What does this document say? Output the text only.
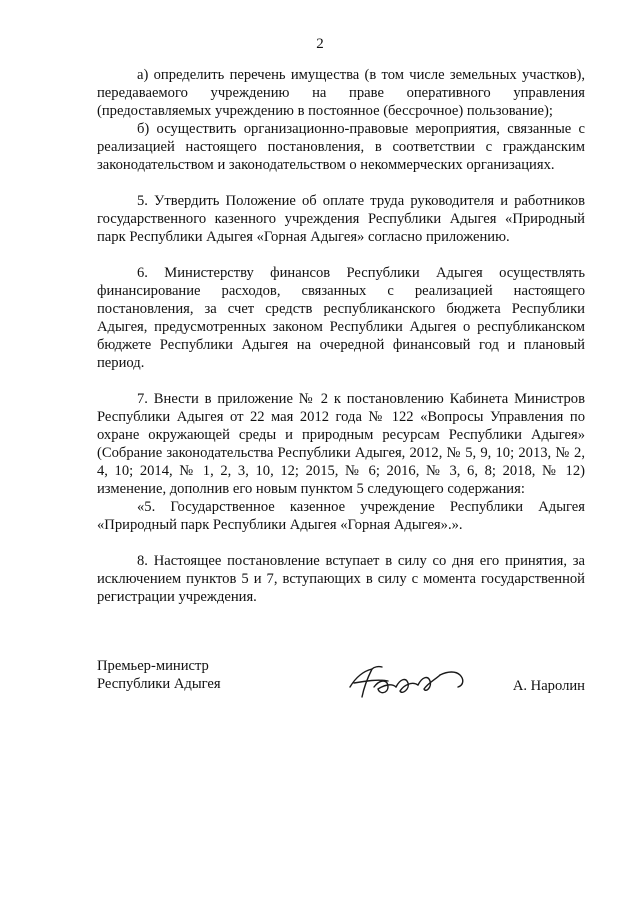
2

а) определить перечень имущества (в том числе земельных участков), передаваемого учреждению на праве оперативного управления (предоставляемых учреждению в постоянное (бессрочное) пользование);

б) осуществить организационно-правовые мероприятия, связанные с реализацией настоящего постановления, в соответствии с гражданским законодательством и законодательством о некоммерческих организациях.

5. Утвердить Положение об оплате труда руководителя и работников государственного казенного учреждения Республики Адыгея «Природный парк Республики Адыгея «Горная Адыгея» согласно приложению.

6. Министерству финансов Республики Адыгея осуществлять финансирование расходов, связанных с реализацией настоящего постановления, за счет средств республиканского бюджета Республики Адыгея, предусмотренных законом Республики Адыгея о республиканском бюджете Республики Адыгея на очередной финансовый год и плановый период.

7. Внести в приложение № 2 к постановлению Кабинета Министров Республики Адыгея от 22 мая 2012 года № 122 «Вопросы Управления по охране окружающей среды и природным ресурсам Республики Адыгея» (Собрание законодательства Республики Адыгея, 2012, № 5, 9, 10; 2013, № 2, 4, 10; 2014, № 1, 2, 3, 10, 12; 2015, № 6; 2016, № 3, 6, 8; 2018, № 12) изменение, дополнив его новым пунктом 5 следующего содержания:

«5. Государственное казенное учреждение Республики Адыгея «Природный парк Республики Адыгея «Горная Адыгея».».

8. Настоящее постановление вступает в силу со дня его принятия, за исключением пунктов 5 и 7, вступающих в силу с момента государственной регистрации учреждения.

Премьер-министр
Республики Адыгея	А. Наролин
